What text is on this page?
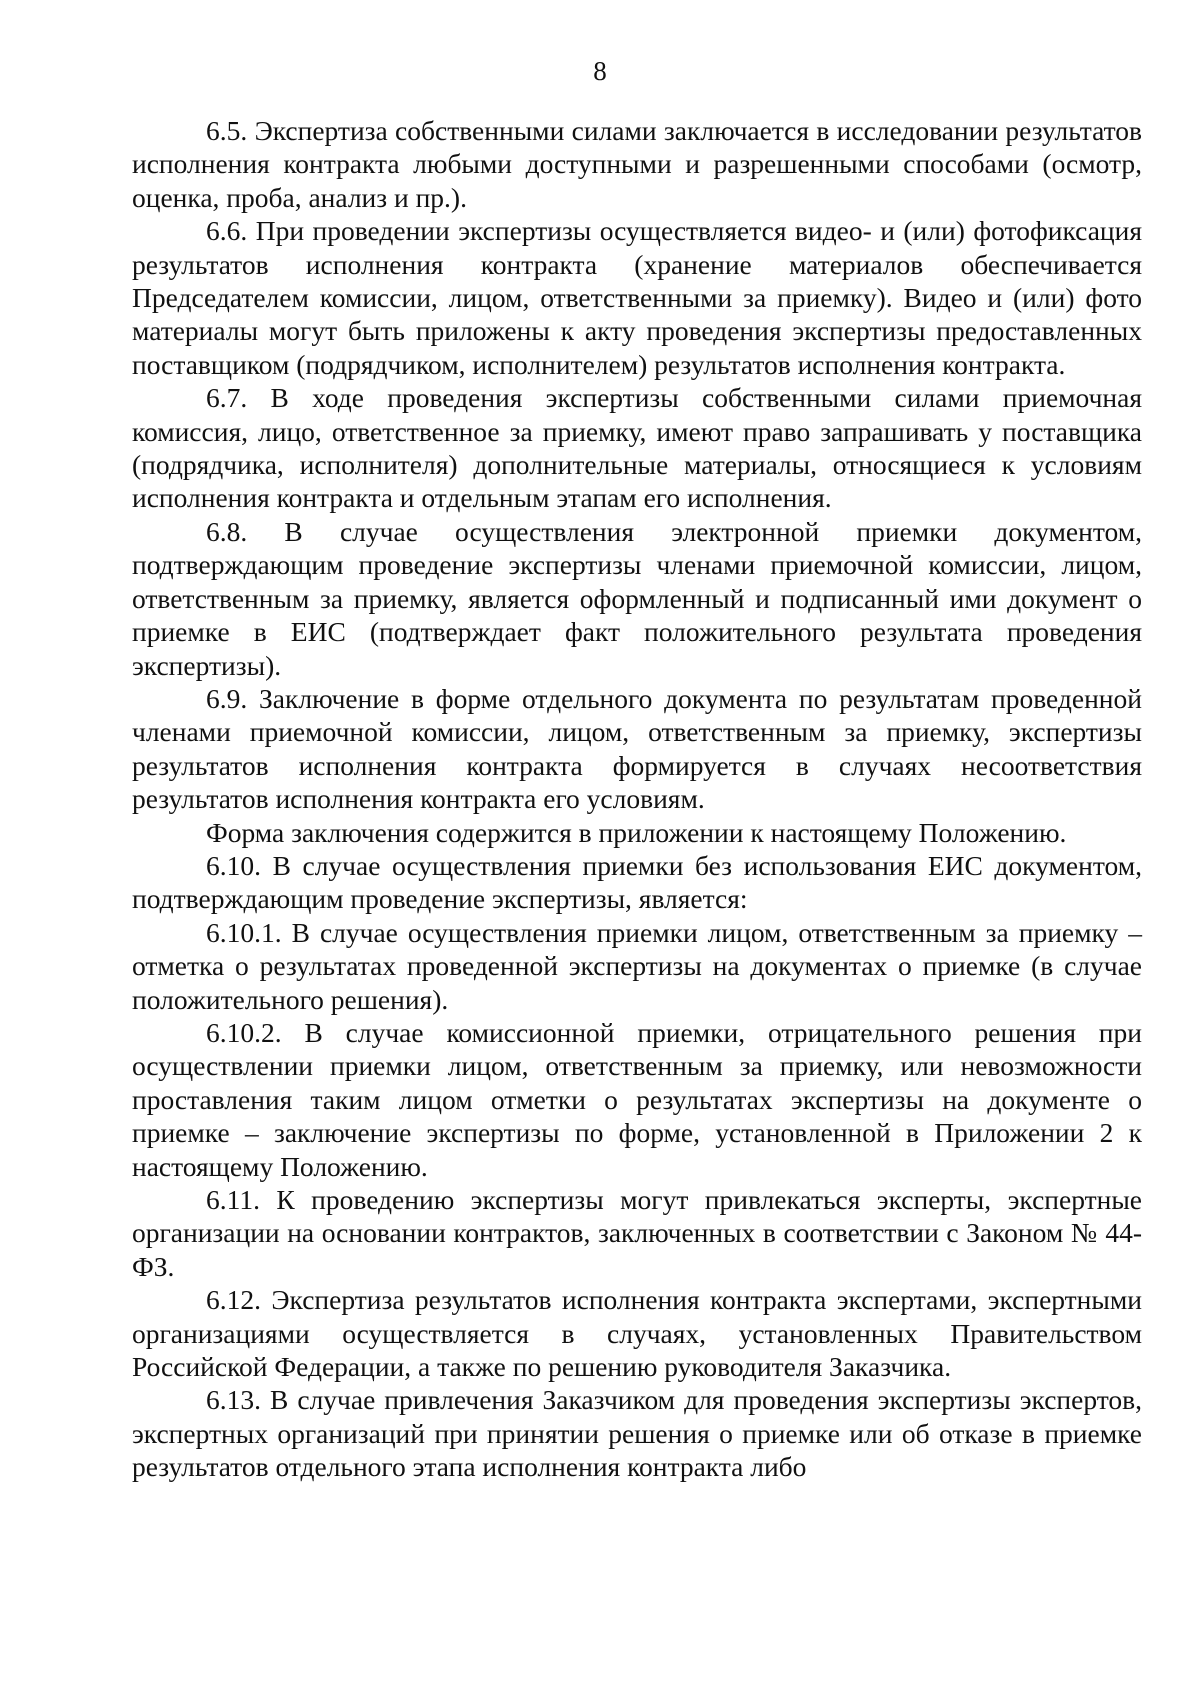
8

6.5. Экспертиза собственными силами заключается в исследовании результатов исполнения контракта любыми доступными и разрешенными способами (осмотр, оценка, проба, анализ и пр.).

6.6. При проведении экспертизы осуществляется видео- и (или) фотофиксация результатов исполнения контракта (хранение материалов обеспечивается Председателем комиссии, лицом, ответственными за приемку). Видео и (или) фото материалы могут быть приложены к акту проведения экспертизы предоставленных поставщиком (подрядчиком, исполнителем) результатов исполнения контракта.

6.7. В ходе проведения экспертизы собственными силами приемочная комиссия, лицо, ответственное за приемку, имеют право запрашивать у поставщика (подрядчика, исполнителя) дополнительные материалы, относящиеся к условиям исполнения контракта и отдельным этапам его исполнения.

6.8. В случае осуществления электронной приемки документом, подтверждающим проведение экспертизы членами приемочной комиссии, лицом, ответственным за приемку, является оформленный и подписанный ими документ о приемке в ЕИС (подтверждает факт положительного результата проведения экспертизы).

6.9. Заключение в форме отдельного документа по результатам проведенной членами приемочной комиссии, лицом, ответственным за приемку, экспертизы результатов исполнения контракта формируется в случаях несоответствия результатов исполнения контракта его условиям.

Форма заключения содержится в приложении к настоящему Положению.

6.10. В случае осуществления приемки без использования ЕИС документом, подтверждающим проведение экспертизы, является:

6.10.1. В случае осуществления приемки лицом, ответственным за приемку – отметка о результатах проведенной экспертизы на документах о приемке (в случае положительного решения).

6.10.2. В случае комиссионной приемки, отрицательного решения при осуществлении приемки лицом, ответственным за приемку, или невозможности проставления таким лицом отметки о результатах экспертизы на документе о приемке – заключение экспертизы по форме, установленной в Приложении 2 к настоящему Положению.

6.11. К проведению экспертизы могут привлекаться эксперты, экспертные организации на основании контрактов, заключенных в соответствии с Законом № 44-ФЗ.

6.12. Экспертиза результатов исполнения контракта экспертами, экспертными организациями осуществляется в случаях, установленных Правительством Российской Федерации, а также по решению руководителя Заказчика.

6.13. В случае привлечения Заказчиком для проведения экспертизы экспертов, экспертных организаций при принятии решения о приемке или об отказе в приемке результатов отдельного этапа исполнения контракта либо
